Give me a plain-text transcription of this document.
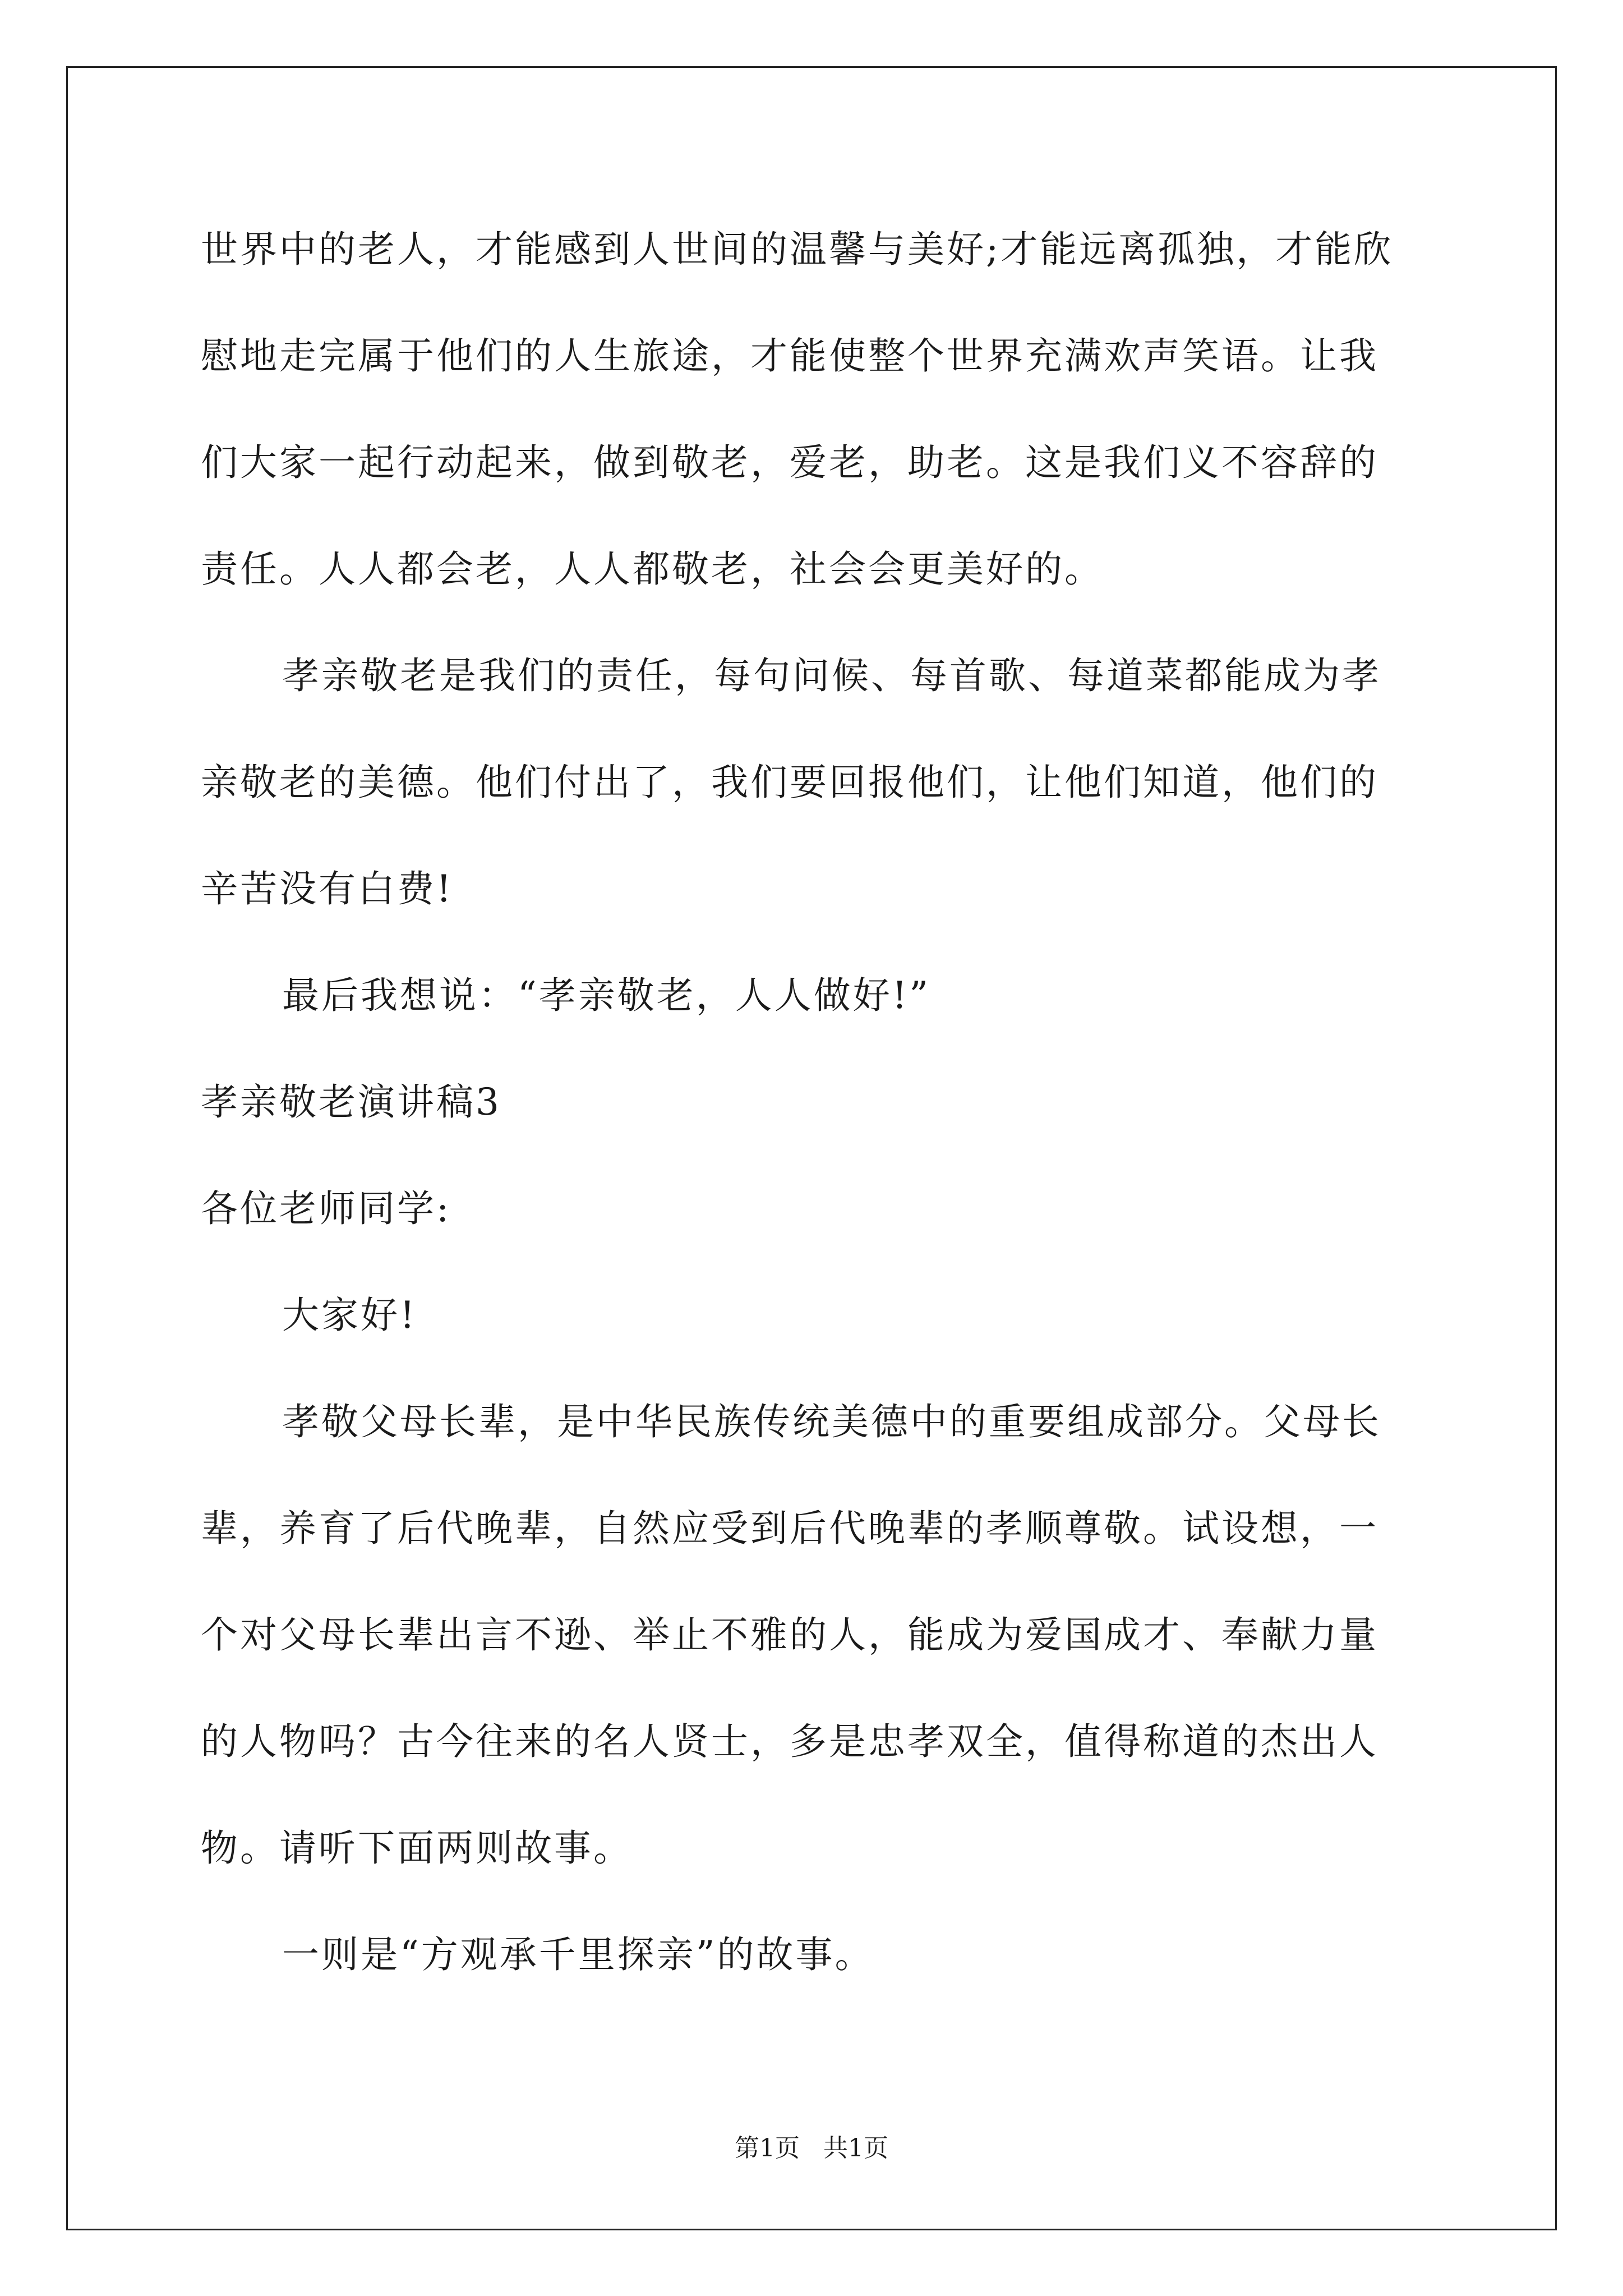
世界中的老人，才能感到人世间的温馨与美好;才能远离孤独，才能欣
慰地走完属于他们的人生旅途，才能使整个世界充满欢声笑语。让我
们大家一起行动起来，做到敬老，爱老，助老。这是我们义不容辞的
责任。人人都会老，人人都敬老，社会会更美好的。
孝亲敬老是我们的责任，每句问候、每首歌、每道菜都能成为孝
亲敬老的美德。他们付出了，我们要回报他们，让他们知道，他们的
辛苦没有白费!
最后我想说：“孝亲敬老，人人做好!”
孝亲敬老演讲稿3
各位老师同学:
大家好!
孝敬父母长辈，是中华民族传统美德中的重要组成部分。父母长
辈，养育了后代晚辈，自然应受到后代晚辈的孝顺尊敬。试设想，一
个对父母长辈出言不逊、举止不雅的人，能成为爱国成才、奉献力量
的人物吗？古今往来的名人贤士，多是忠孝双全，值得称道的杰出人
物。请听下面两则故事。
一则是“方观承千里探亲”的故事。
第1页   共1页
